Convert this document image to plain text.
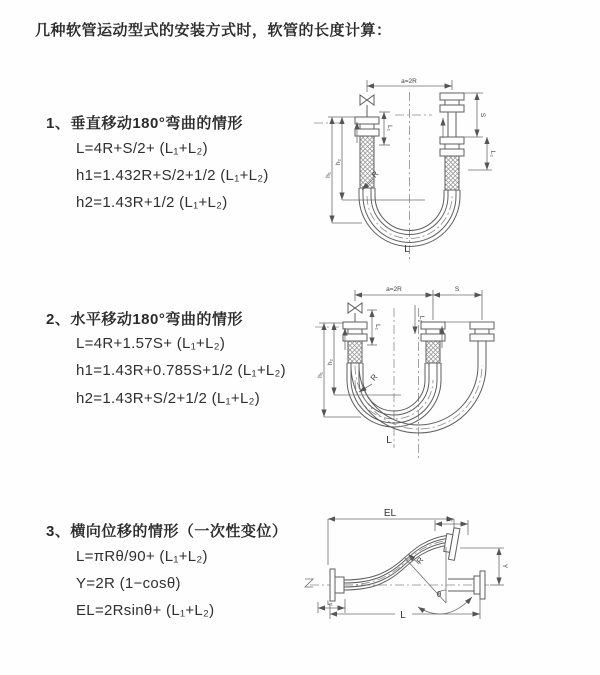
几种软管运动型式的安装方式时，软管的长度计算：
1、垂直移动180°弯曲的情形
L=4R+S/2+ (L₁+L₂)
h1=1.432R+S/2+1/2 (L₁+L₂)
h2=1.43R+1/2 (L₁+L₂)
2、水平移动180°弯曲的情形
L=4R+1.57S+ (L₁+L₂)
h1=1.43R+0.785S+1/2 (L₁+L₂)
h2=1.43R+S/2+1/2 (L₁+L₂)
3、横向位移的情形（一次性变位）
L=πRθ/90+ (L₁+L₂)
Y=2R (1−cosθ)
EL=2Rsinθ+ (L₁+L₂)
a=2R
L₁
S
L₂
h₂
h₁	R
L
a=2R	S
L₁
L₂
h₂
h₁	R
L
EL
L₂
Y
L₁
L
R
θ
